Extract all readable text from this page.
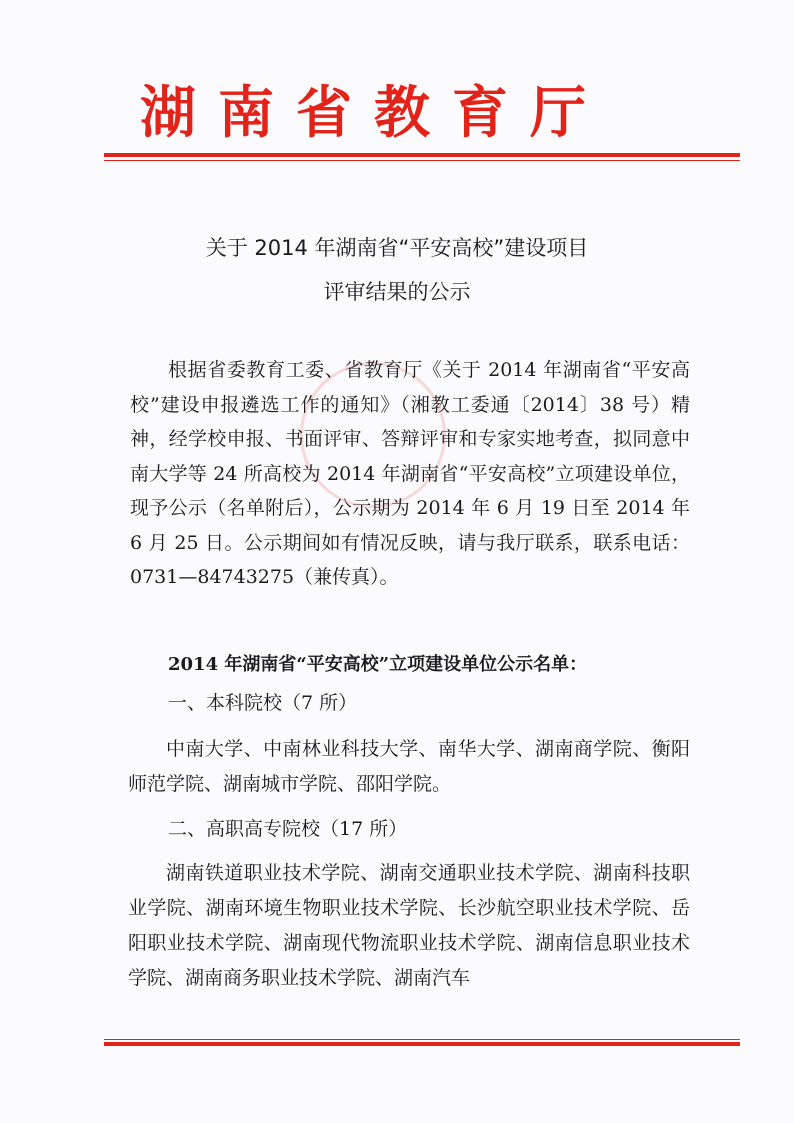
湖南省教育厅
关于 2014 年湖南省“平安高校”建设项目
评审结果的公示

根据省委教育工委、省教育厅《关于 2014 年湖南省“平安高校”建设申报遴选工作的通知》（湘教工委通〔2014〕38 号）精神，经学校申报、书面评审、答辩评审和专家实地考查，拟同意中南大学等 24 所高校为 2014 年湖南省“平安高校”立项建设单位，现予公示（名单附后），公示期为 2014 年 6 月 19 日至 2014 年 6 月 25 日。公示期间如有情况反映，请与我厅联系，联系电话：0731—84743275（兼传真）。

2014 年湖南省“平安高校”立项建设单位公示名单：
一、本科院校（7 所）

中南大学、中南林业科技大学、南华大学、湖南商学院、衡阳师范学院、湖南城市学院、邵阳学院。

二、高职高专院校（17 所）

湖南铁道职业技术学院、湖南交通职业技术学院、湖南科技职业学院、湖南环境生物职业技术学院、长沙航空职业技术学院、岳阳职业技术学院、湖南现代物流职业技术学院、湖南信息职业技术学院、湖南商务职业技术学院、湖南汽车
